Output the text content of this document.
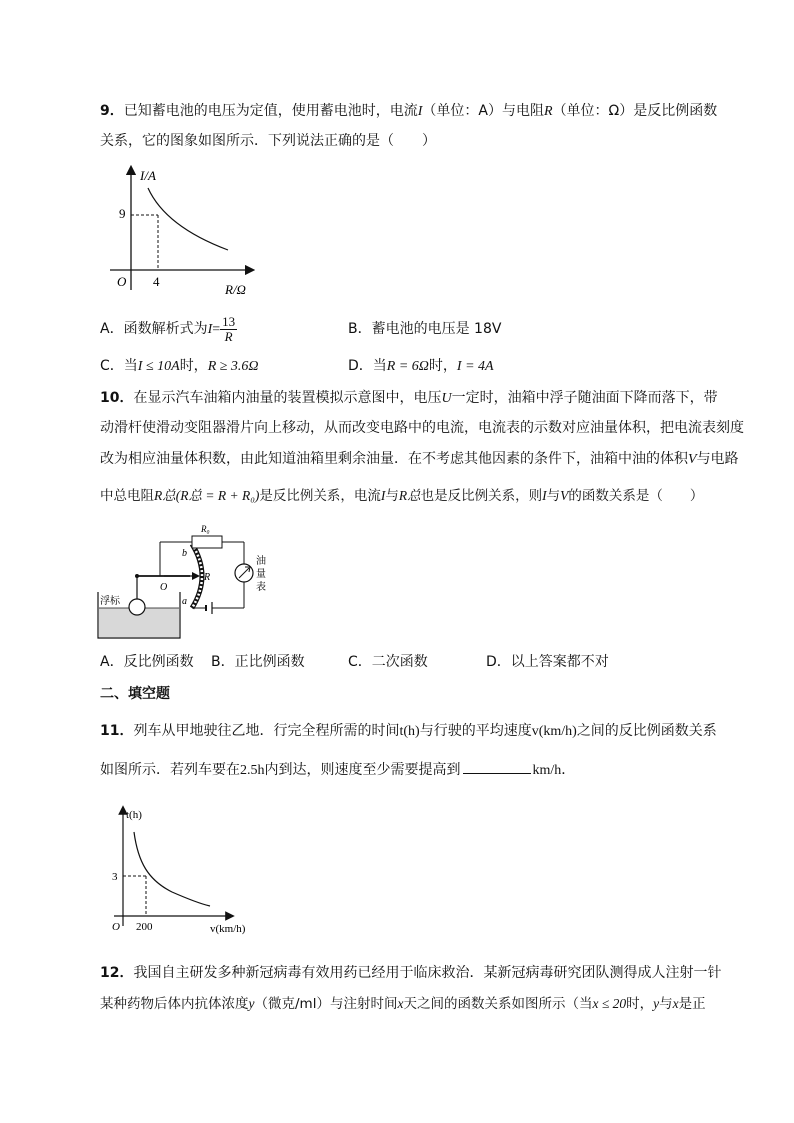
9．已知蓄电池的电压为定值，使用蓄电池时，电流I（单位：A）与电阻R（单位：Ω）是反比例函数
关系，它的图象如图所示．下列说法正确的是（　　）
I/A
9
4
O
R/Ω
A．函数解析式为$I= \frac{13}{R}$	B．蓄电池的电压是 18V
C．当I ≤ 10A时，R ≥ 3.6Ω	D．当R = 6Ω时，I = 4A
10．在显示汽车油箱内油量的装置模拟示意图中，电压U一定时，油箱中浮子随油面下降而落下，带
动滑杆使滑动变阻器滑片向上移动，从而改变电路中的电流，电流表的示数对应油量体积，把电流表刻度
改为相应油量体积数，由此知道油箱里剩余油量．在不考虑其他因素的条件下，油箱中油的体积V与电路
中总电阻R总(R总 = R + R₀)是反比例关系，电流I与R总也是反比例关系，则I与V的函数关系是（　　）
R₀
b
a
O
R
浮标
油
量
表
A．反比例函数 B．正比例函数	C．二次函数	D．以上答案都不对
二、填空题
11．列车从甲地驶往乙地．行完全程所需的时间t(h)与行驶的平均速度v(km/h)之间的反比例函数关系
如图所示．若列车要在2.5h内到达，则速度至少需要提高到	km/h．
t(h)
3
200
O	v(km/h)
12．我国自主研发多种新冠病毒有效用药已经用于临床救治．某新冠病毒研究团队测得成人注射一针
某种药物后体内抗体浓度y（微克/ml）与注射时间x天之间的函数关系如图所示（当x ≤ 20时，y与x是正
